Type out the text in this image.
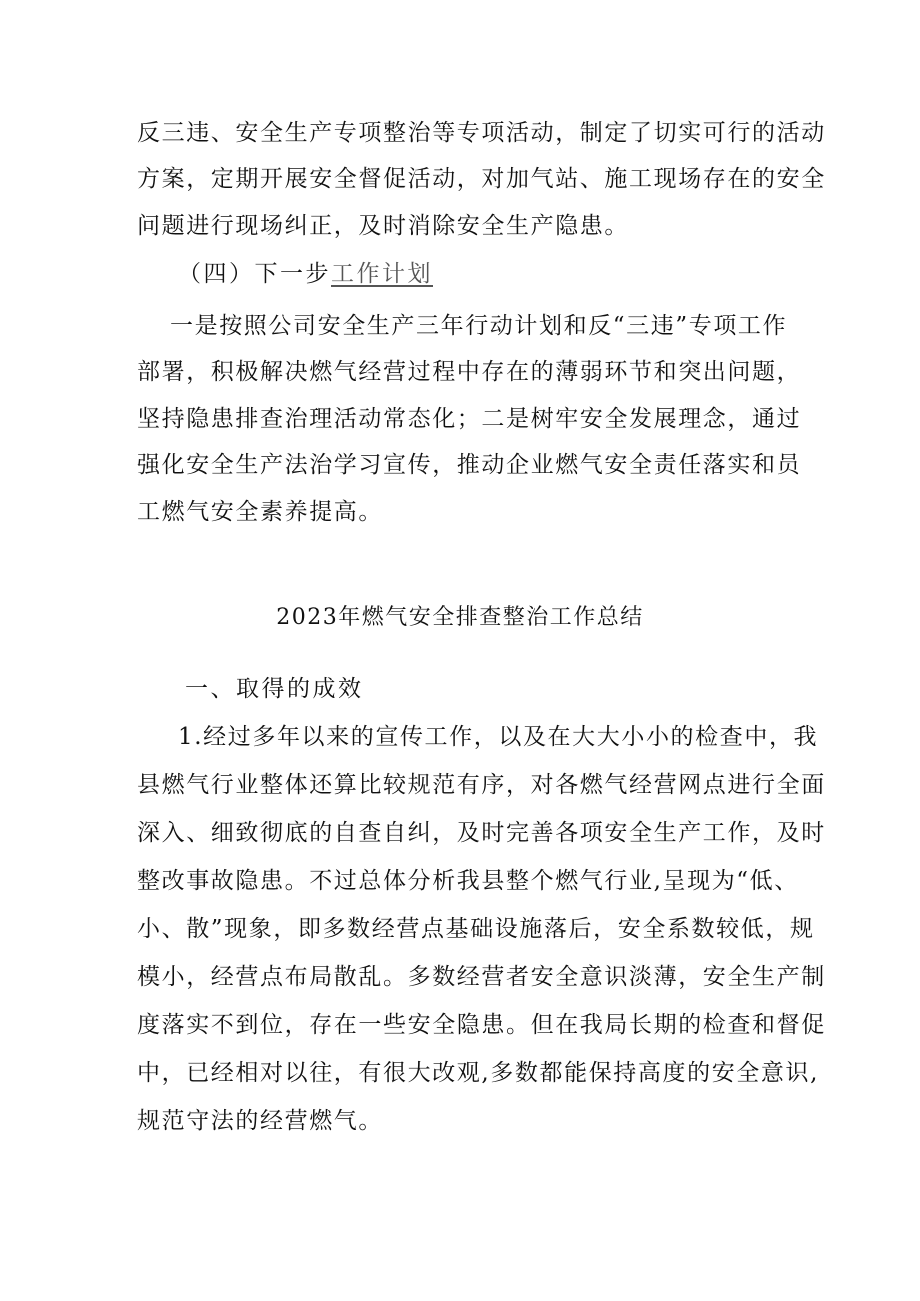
反三违、安全生产专项整治等专项活动，制定了切实可行的活动
方案，定期开展安全督促活动，对加气站、施工现场存在的安全
问题进行现场纠正，及时消除安全生产隐患。
（四）下一步工作计划
一是按照公司安全生产三年行动计划和反“三违”专项工作
部署，积极解决燃气经营过程中存在的薄弱环节和突出问题，
坚持隐患排查治理活动常态化；二是树牢安全发展理念，通过
强化安全生产法治学习宣传，推动企业燃气安全责任落实和员
工燃气安全素养提高。
2023年燃气安全排查整治工作总结
一、取得的成效
1.经过多年以来的宣传工作，以及在大大小小的检查中，我
县燃气行业整体还算比较规范有序，对各燃气经营网点进行全面
深入、细致彻底的自查自纠，及时完善各项安全生产工作，及时
整改事故隐患。不过总体分析我县整个燃气行业,呈现为“低、
小、散”现象，即多数经营点基础设施落后，安全系数较低，规
模小，经营点布局散乱。多数经营者安全意识淡薄，安全生产制
度落实不到位，存在一些安全隐患。但在我局长期的检查和督促
中，已经相对以往，有很大改观,多数都能保持高度的安全意识,
规范守法的经营燃气。
